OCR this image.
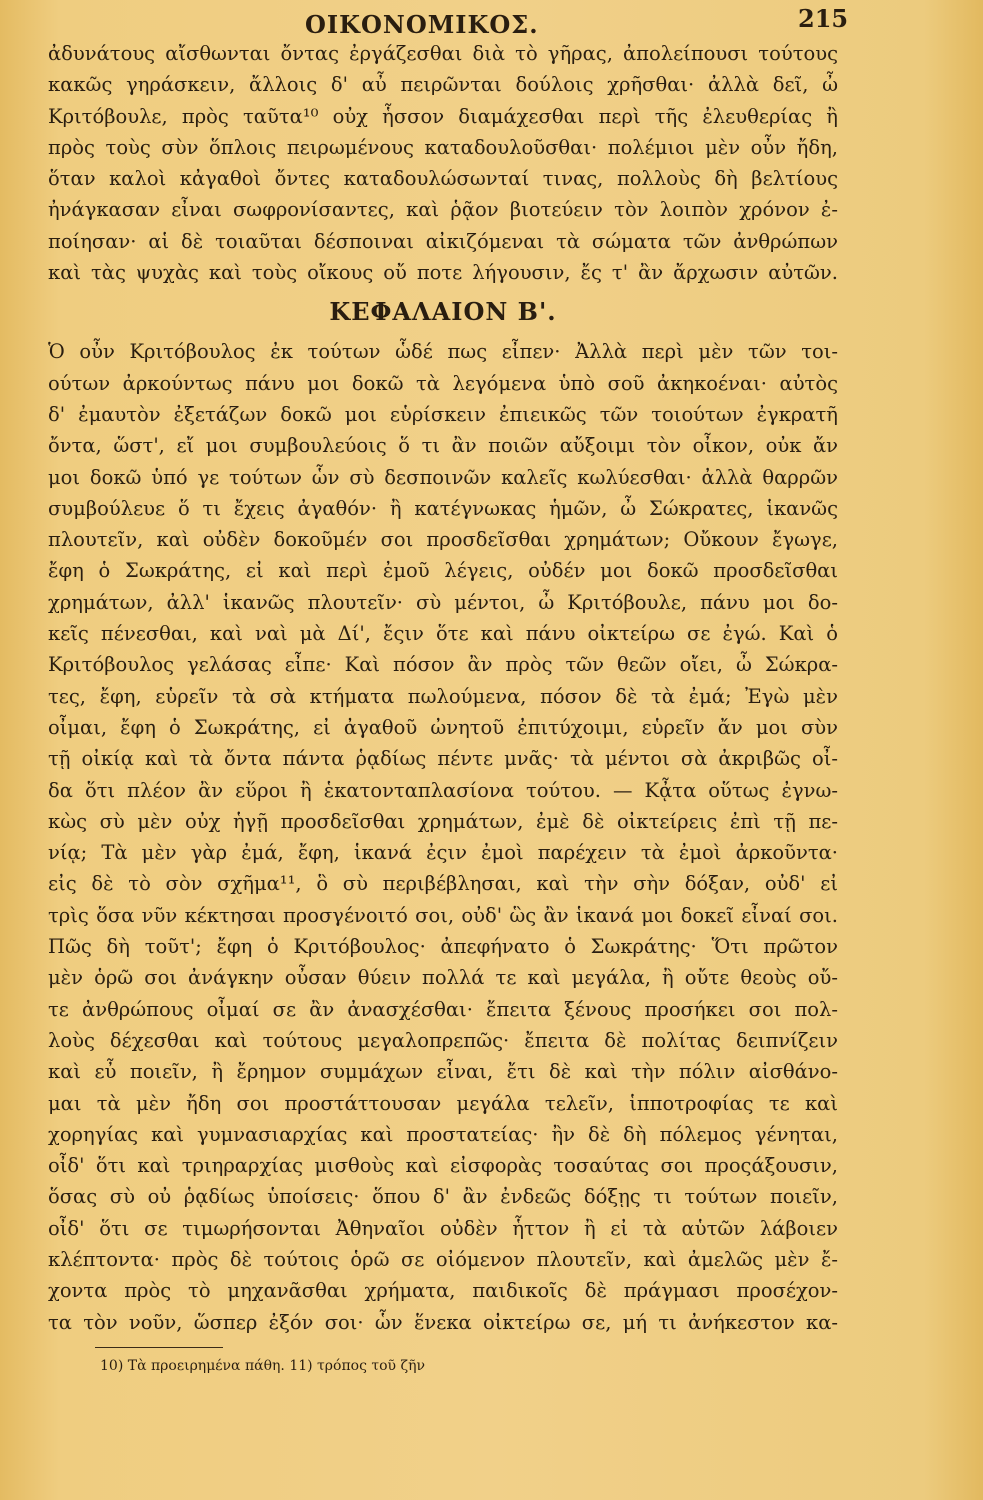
ΟΙΚΟΝΟΜΙΚΟΣ.	215
ἀδυνάτους αἴσθωνται ὄντας ἐργάζεσθαι διὰ τὸ γῆρας, ἀπολείπουσι τούτους
κακῶς γηράσκειν, ἄλλοις δ' αὖ πειρῶνται δούλοις χρῆσθαι· ἀλλὰ δεῖ, ὦ
Κριτόβουλε, πρὸς ταῦτα¹⁰ οὐχ ἧσσον διαμάχεσθαι περὶ τῆς ἐλευθερίας ἢ
πρὸς τοὺς σὺν ὅπλοις πειρωμένους καταδουλοῦσθαι· πολέμιοι μὲν οὖν ἤδη,
ὅταν καλοὶ κἀγαθοὶ ὄντες καταδουλώσωνταί τινας, πολλοὺς δὴ βελτίους
ἠνάγκασαν εἶναι σωφρονίσαντες, καὶ ῥᾷον βιοτεύειν τὸν λοιπὸν χρόνον ἐ-
ποίησαν· αἱ δὲ τοιαῦται δέσποιναι αἰκιζόμεναι τὰ σώματα τῶν ἀνθρώπων
καὶ τὰς ψυχὰς καὶ τοὺς οἴκους οὔ ποτε λήγουσιν, ἔς τ' ἂν ἄρχωσιν αὐτῶν.
ΚΕΦΑΛΑΙΟΝ Β'.
Ὁ οὖν Κριτόβουλος ἐκ τούτων ὧδέ πως εἶπεν· Ἀλλὰ περὶ μὲν τῶν τοι-
ούτων ἀρκούντως πάνυ μοι δοκῶ τὰ λεγόμενα ὑπὸ σοῦ ἀκηκοέναι· αὐτὸς
δ' ἐμαυτὸν ἐξετάζων δοκῶ μοι εὑρίσκειν ἐπιεικῶς τῶν τοιούτων ἐγκρατῆ
ὄντα, ὥστ', εἴ μοι συμβουλεύοις ὅ τι ἂν ποιῶν αὔξοιμι τὸν οἶκον, οὐκ ἄν
μοι δοκῶ ὑπό γε τούτων ὧν σὺ δεσποινῶν καλεῖς κωλύεσθαι· ἀλλὰ θαρρῶν
συμβούλευε ὅ τι ἔχεις ἀγαθόν· ἢ κατέγνωκας ἡμῶν, ὦ Σώκρατες, ἱκανῶς
πλουτεῖν, καὶ οὐδὲν δοκοῦμέν σοι προσδεῖσθαι χρημάτων; Οὔκουν ἔγωγε,
ἔφη ὁ Σωκράτης, εἰ καὶ περὶ ἐμοῦ λέγεις, οὐδέν μοι δοκῶ προσδεῖσθαι
χρημάτων, ἀλλ' ἱκανῶς πλουτεῖν· σὺ μέντοι, ὦ Κριτόβουλε, πάνυ μοι δο-
κεῖς πένεσθαι, καὶ ναὶ μὰ Δί', ἔςιν ὅτε καὶ πάνυ οἰκτείρω σε ἐγώ. Καὶ ὁ
Κριτόβουλος γελάσας εἶπε· Καὶ πόσον ἂν πρὸς τῶν θεῶν οἴει, ὦ Σώκρα-
τες, ἔφη, εὑρεῖν τὰ σὰ κτήματα πωλούμενα, πόσον δὲ τὰ ἐμά; Ἐγὼ μὲν
οἶμαι, ἔφη ὁ Σωκράτης, εἰ ἀγαθοῦ ὠνητοῦ ἐπιτύχοιμι, εὑρεῖν ἄν μοι σὺν
τῇ οἰκίᾳ καὶ τὰ ὄντα πάντα ῥᾳδίως πέντε μνᾶς· τὰ μέντοι σὰ ἀκριβῶς οἶ-
δα ὅτι πλέον ἂν εὕροι ἢ ἑκατονταπλασίονα τούτου. — Κᾆτα οὕτως ἐγνω-
κὼς σὺ μὲν οὐχ ἡγῇ προσδεῖσθαι χρημάτων, ἐμὲ δὲ οἰκτείρεις ἐπὶ τῇ πε-
νίᾳ; Τὰ μὲν γὰρ ἐμά, ἔφη, ἱκανά ἐςιν ἐμοὶ παρέχειν τὰ ἐμοὶ ἀρκοῦντα·
εἰς δὲ τὸ σὸν σχῆμα¹¹, ὃ σὺ περιβέβλησαι, καὶ τὴν σὴν δόξαν, οὐδ' εἰ
τρὶς ὅσα νῦν κέκτησαι προσγένοιτό σοι, οὐδ' ὣς ἂν ἱκανά μοι δοκεῖ εἶναί σοι.
Πῶς δὴ τοῦτ'; ἔφη ὁ Κριτόβουλος· ἀπεφήνατο ὁ Σωκράτης· Ὅτι πρῶτον
μὲν ὁρῶ σοι ἀνάγκην οὖσαν θύειν πολλά τε καὶ μεγάλα, ἢ οὔτε θεοὺς οὔ-
τε ἀνθρώπους οἶμαί σε ἂν ἀνασχέσθαι· ἔπειτα ξένους προσήκει σοι πολ-
λοὺς δέχεσθαι καὶ τούτους μεγαλοπρεπῶς· ἔπειτα δὲ πολίτας δειπνίζειν
καὶ εὖ ποιεῖν, ἢ ἔρημον συμμάχων εἶναι, ἔτι δὲ καὶ τὴν πόλιν αἰσθάνο-
μαι τὰ μὲν ἤδη σοι προστάττουσαν μεγάλα τελεῖν, ἱπποτροφίας τε καὶ
χορηγίας καὶ γυμνασιαρχίας καὶ προστατείας· ἢν δὲ δὴ πόλεμος γένηται,
οἶδ' ὅτι καὶ τριηραρχίας μισθοὺς καὶ εἰσφορὰς τοσαύτας σοι προςάξουσιν,
ὅσας σὺ οὐ ῥᾳδίως ὑποίσεις· ὅπου δ' ἂν ἐνδεῶς δόξῃς τι τούτων ποιεῖν,
οἶδ' ὅτι σε τιμωρήσονται Ἀθηναῖοι οὐδὲν ἧττον ἢ εἰ τὰ αὑτῶν λάβοιεν
κλέπτοντα· πρὸς δὲ τούτοις ὁρῶ σε οἰόμενον πλουτεῖν, καὶ ἀμελῶς μὲν ἔ-
χοντα πρὸς τὸ μηχανᾶσθαι χρήματα, παιδικοῖς δὲ πράγμασι προσέχον-
τα τὸν νοῦν, ὥσπερ ἐξόν σοι· ὧν ἕνεκα οἰκτείρω σε, μή τι ἀνήκεστον κα-
10) Τὰ προειρημένα πάθη. 11) τρόπος τοῦ ζῆν
